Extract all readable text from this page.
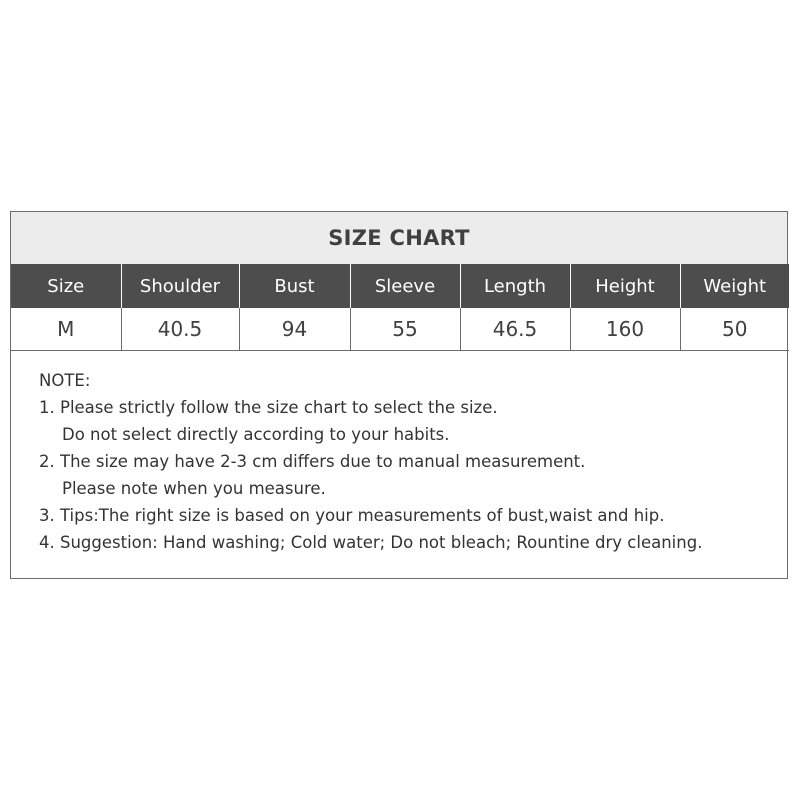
SIZE CHART
Size	Shoulder	Bust	Sleeve	Length	Height	Weight
M	40.5	94	55	46.5	160	50
NOTE:
1. Please strictly follow the size chart to select the size.
Do not select directly according to your habits.
2. The size may have 2-3 cm differs due to manual measurement.
Please note when you measure.
3. Tips:The right size is based on your measurements of bust,waist and hip.
4. Suggestion: Hand washing; Cold water; Do not bleach; Rountine dry cleaning.
